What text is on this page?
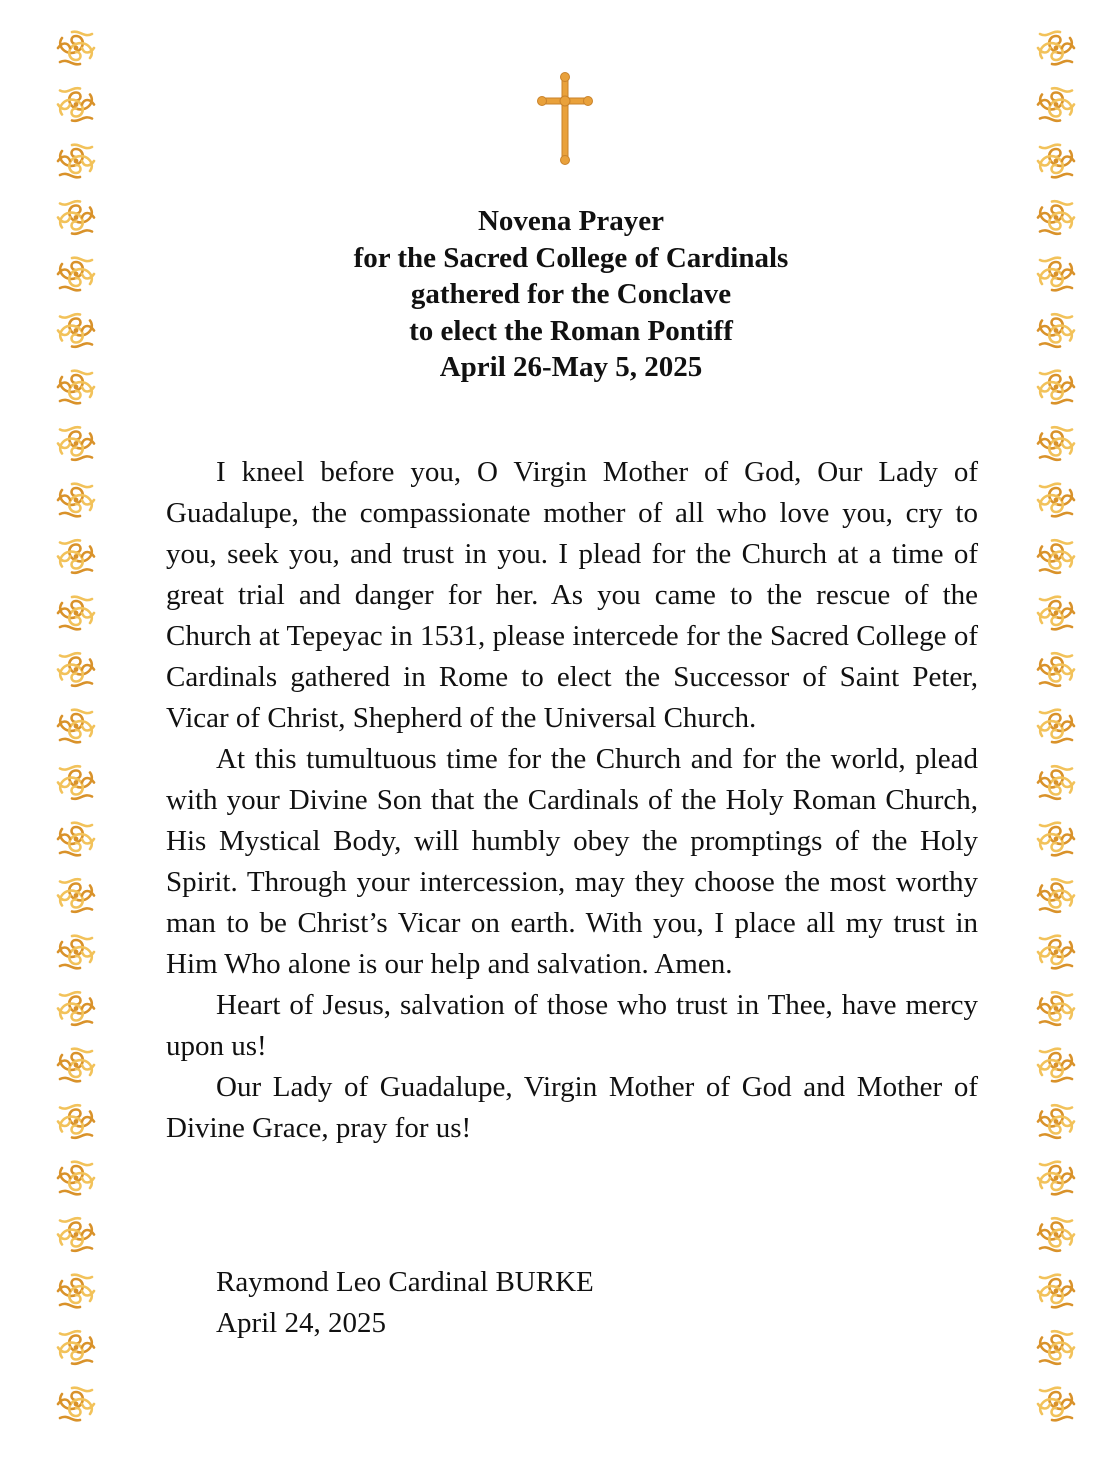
Novena Prayer
for the Sacred College of Cardinals
gathered for the Conclave
to elect the Roman Pontiff
April 26-May 5, 2025

I kneel before you, O Virgin Mother of God, Our Lady of Guadalupe, the compassionate mother of all who love you, cry to you, seek you, and trust in you. I plead for the Church at a time of great trial and danger for her. As you came to the rescue of the Church at Tepeyac in 1531, please intercede for the Sacred College of Cardinals gathered in Rome to elect the Successor of Saint Peter, Vicar of Christ, Shepherd of the Universal Church.

At this tumultuous time for the Church and for the world, plead with your Divine Son that the Cardinals of the Holy Roman Church, His Mystical Body, will humbly obey the promptings of the Holy Spirit. Through your intercession, may they choose the most worthy man to be Christ’s Vicar on earth. With you, I place all my trust in Him Who alone is our help and salvation. Amen.

Heart of Jesus, salvation of those who trust in Thee, have mercy upon us!

Our Lady of Guadalupe, Virgin Mother of God and Mother of Divine Grace, pray for us!

Raymond Leo Cardinal BURKE
April 24, 2025
